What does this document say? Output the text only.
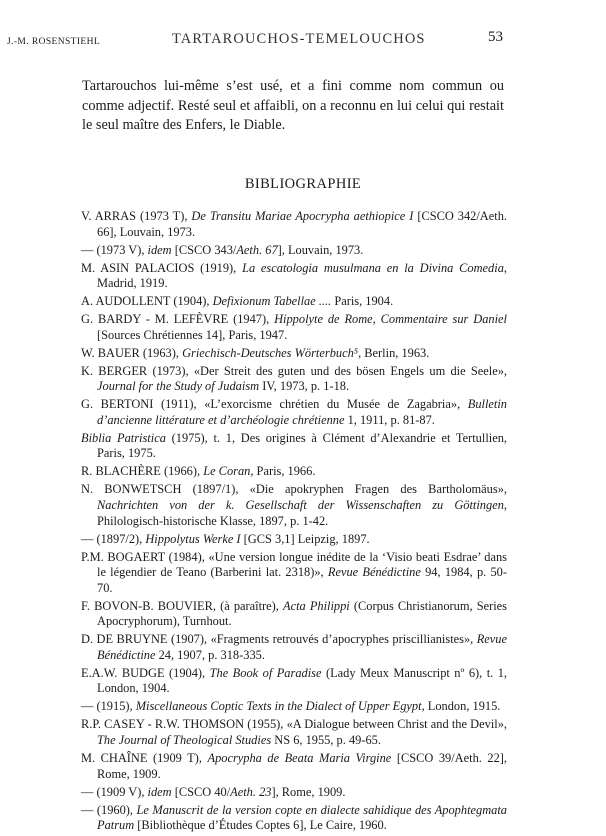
J.-M. ROSENSTIEHL	TARTAROUCHOS-TEMELOUCHOS	53

Tartarouchos lui-même s’est usé, et a fini comme nom commun ou comme adjectif. Resté seul et affaibli, on a reconnu en lui celui qui restait le seul maître des Enfers, le Diable.

BIBLIOGRAPHIE

V. ARRAS (1973 T), De Transitu Mariae Apocrypha aethiopice I [CSCO 342/Aeth. 66], Louvain, 1973.

— (1973 V), idem [CSCO 343/Aeth. 67], Louvain, 1973.

M. ASIN PALACIOS (1919), La escatologia musulmana en la Divina Comedia, Madrid, 1919.

A. AUDOLLENT (1904), Defixionum Tabellae .... Paris, 1904.

G. BARDY - M. LEFÈVRE (1947), Hippolyte de Rome, Commentaire sur Daniel [Sources Chrétiennes 14], Paris, 1947.

W. BAUER (1963), Griechisch-Deutsches Wörterbuch⁵, Berlin, 1963.

K. BERGER (1973), «Der Streit des guten und des bösen Engels um die Seele», Journal for the Study of Judaism IV, 1973, p. 1-18.

G. BERTONI (1911), «L’exorcisme chrétien du Musée de Zagabria», Bulletin d’ancienne littérature et d’archéologie chrétienne 1, 1911, p. 81-87.

Biblia Patristica (1975), t. 1, Des origines à Clément d’Alexandrie et Tertullien, Paris, 1975.

R. BLACHÈRE (1966), Le Coran, Paris, 1966.

N. BONWETSCH (1897/1), «Die apokryphen Fragen des Bartholomäus», Nachrichten von der k. Gesellschaft der Wissenschaften zu Göttingen, Philologisch-historische Klasse, 1897, p. 1-42.

— (1897/2), Hippolytus Werke I [GCS 3,1] Leipzig, 1897.

P.M. BOGAERT (1984), «Une version longue inédite de la ‘Visio beati Esdrae’ dans le légendier de Teano (Barberini lat. 2318)», Revue Bénédictine 94, 1984, p. 50-70.

F. BOVON-B. BOUVIER, (à paraître), Acta Philippi (Corpus Christianorum, Series Apocryphorum), Turnhout.

D. DE BRUYNE (1907), «Fragments retrouvés d’apocryphes priscillianistes», Revue Bénédictine 24, 1907, p. 318-335.

E.A.W. BUDGE (1904), The Book of Paradise (Lady Meux Manuscript nº 6), t. 1, London, 1904.

— (1915), Miscellaneous Coptic Texts in the Dialect of Upper Egypt, London, 1915.

R.P. CASEY - R.W. THOMSON (1955), «A Dialogue between Christ and the Devil», The Journal of Theological Studies NS 6, 1955, p. 49-65.

M. CHAÎNE (1909 T), Apocrypha de Beata Maria Virgine [CSCO 39/Aeth. 22], Rome, 1909.

— (1909 V), idem [CSCO 40/Aeth. 23], Rome, 1909.

— (1960), Le Manuscrit de la version copte en dialecte sahidique des Apophtegmata Patrum [Bibliothèque d’Études Coptes 6], Le Caire, 1960.
